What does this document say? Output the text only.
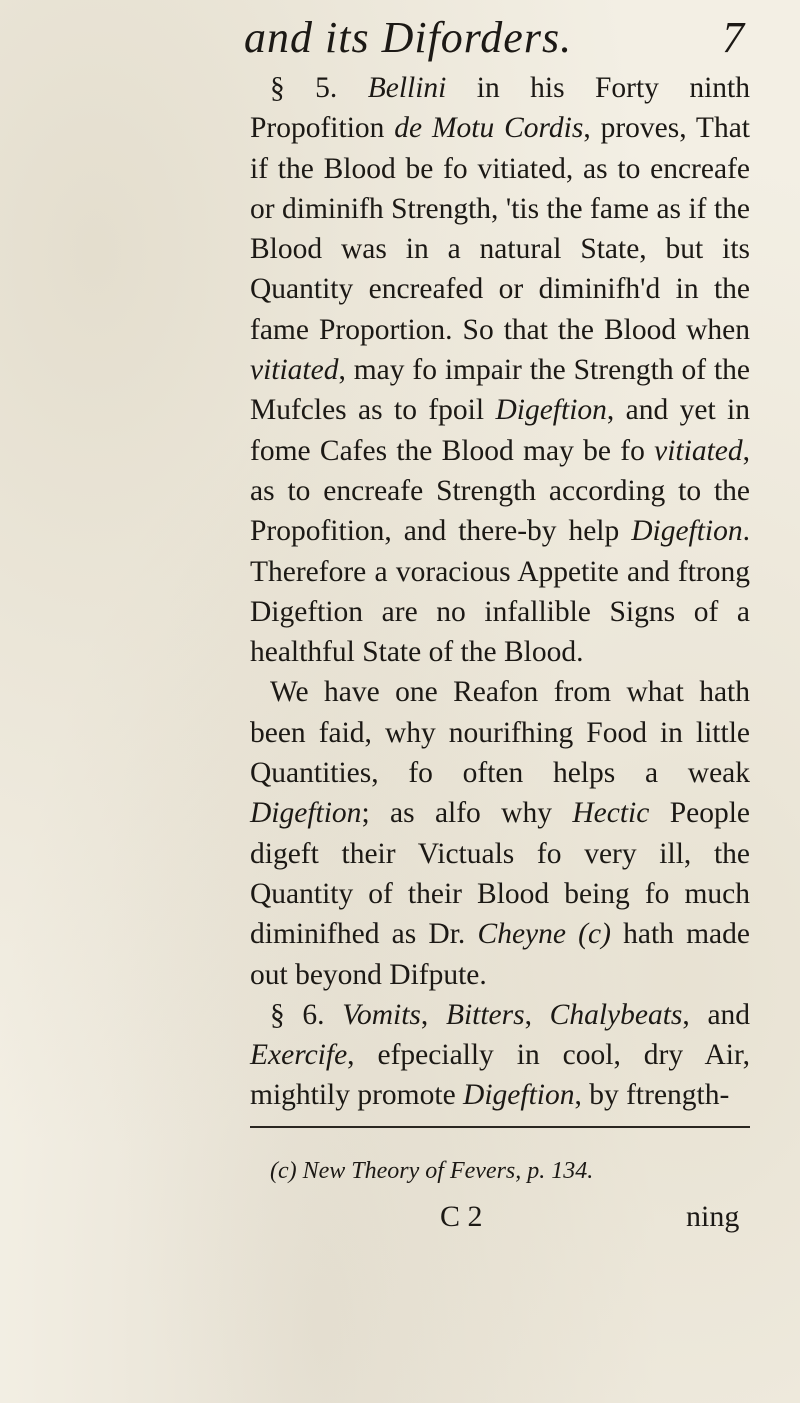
and its Diforders.	7

§ 5. Bellini in his Forty ninth Propofition de Motu Cordis, proves, That if the Blood be fo vitiated, as to encreafe or diminifh Strength, 'tis the fame as if the Blood was in a natural State, but its Quantity encreafed or diminifh'd in the fame Proportion. So that the Blood when vitiated, may fo impair the Strength of the Mufcles as to fpoil Digeftion, and yet in fome Cafes the Blood may be fo vitiated, as to encreafe Strength according to the Propofition, and there-by help Digeftion. Therefore a voracious Appetite and ftrong Digeftion are no infallible Signs of a healthful State of the Blood.

We have one Reafon from what hath been faid, why nourifhing Food in little Quantities, fo often helps a weak Digeftion; as alfo why Hectic People digeft their Victuals fo very ill, the Quantity of their Blood being fo much diminifhed as Dr. Cheyne (c) hath made out beyond Difpute.

§ 6. Vomits, Bitters, Chalybeats, and Exercife, efpecially in cool, dry Air, mightily promote Digeftion, by ftrength-

(c) New Theory of Fevers, p. 134.
C 2	ning
